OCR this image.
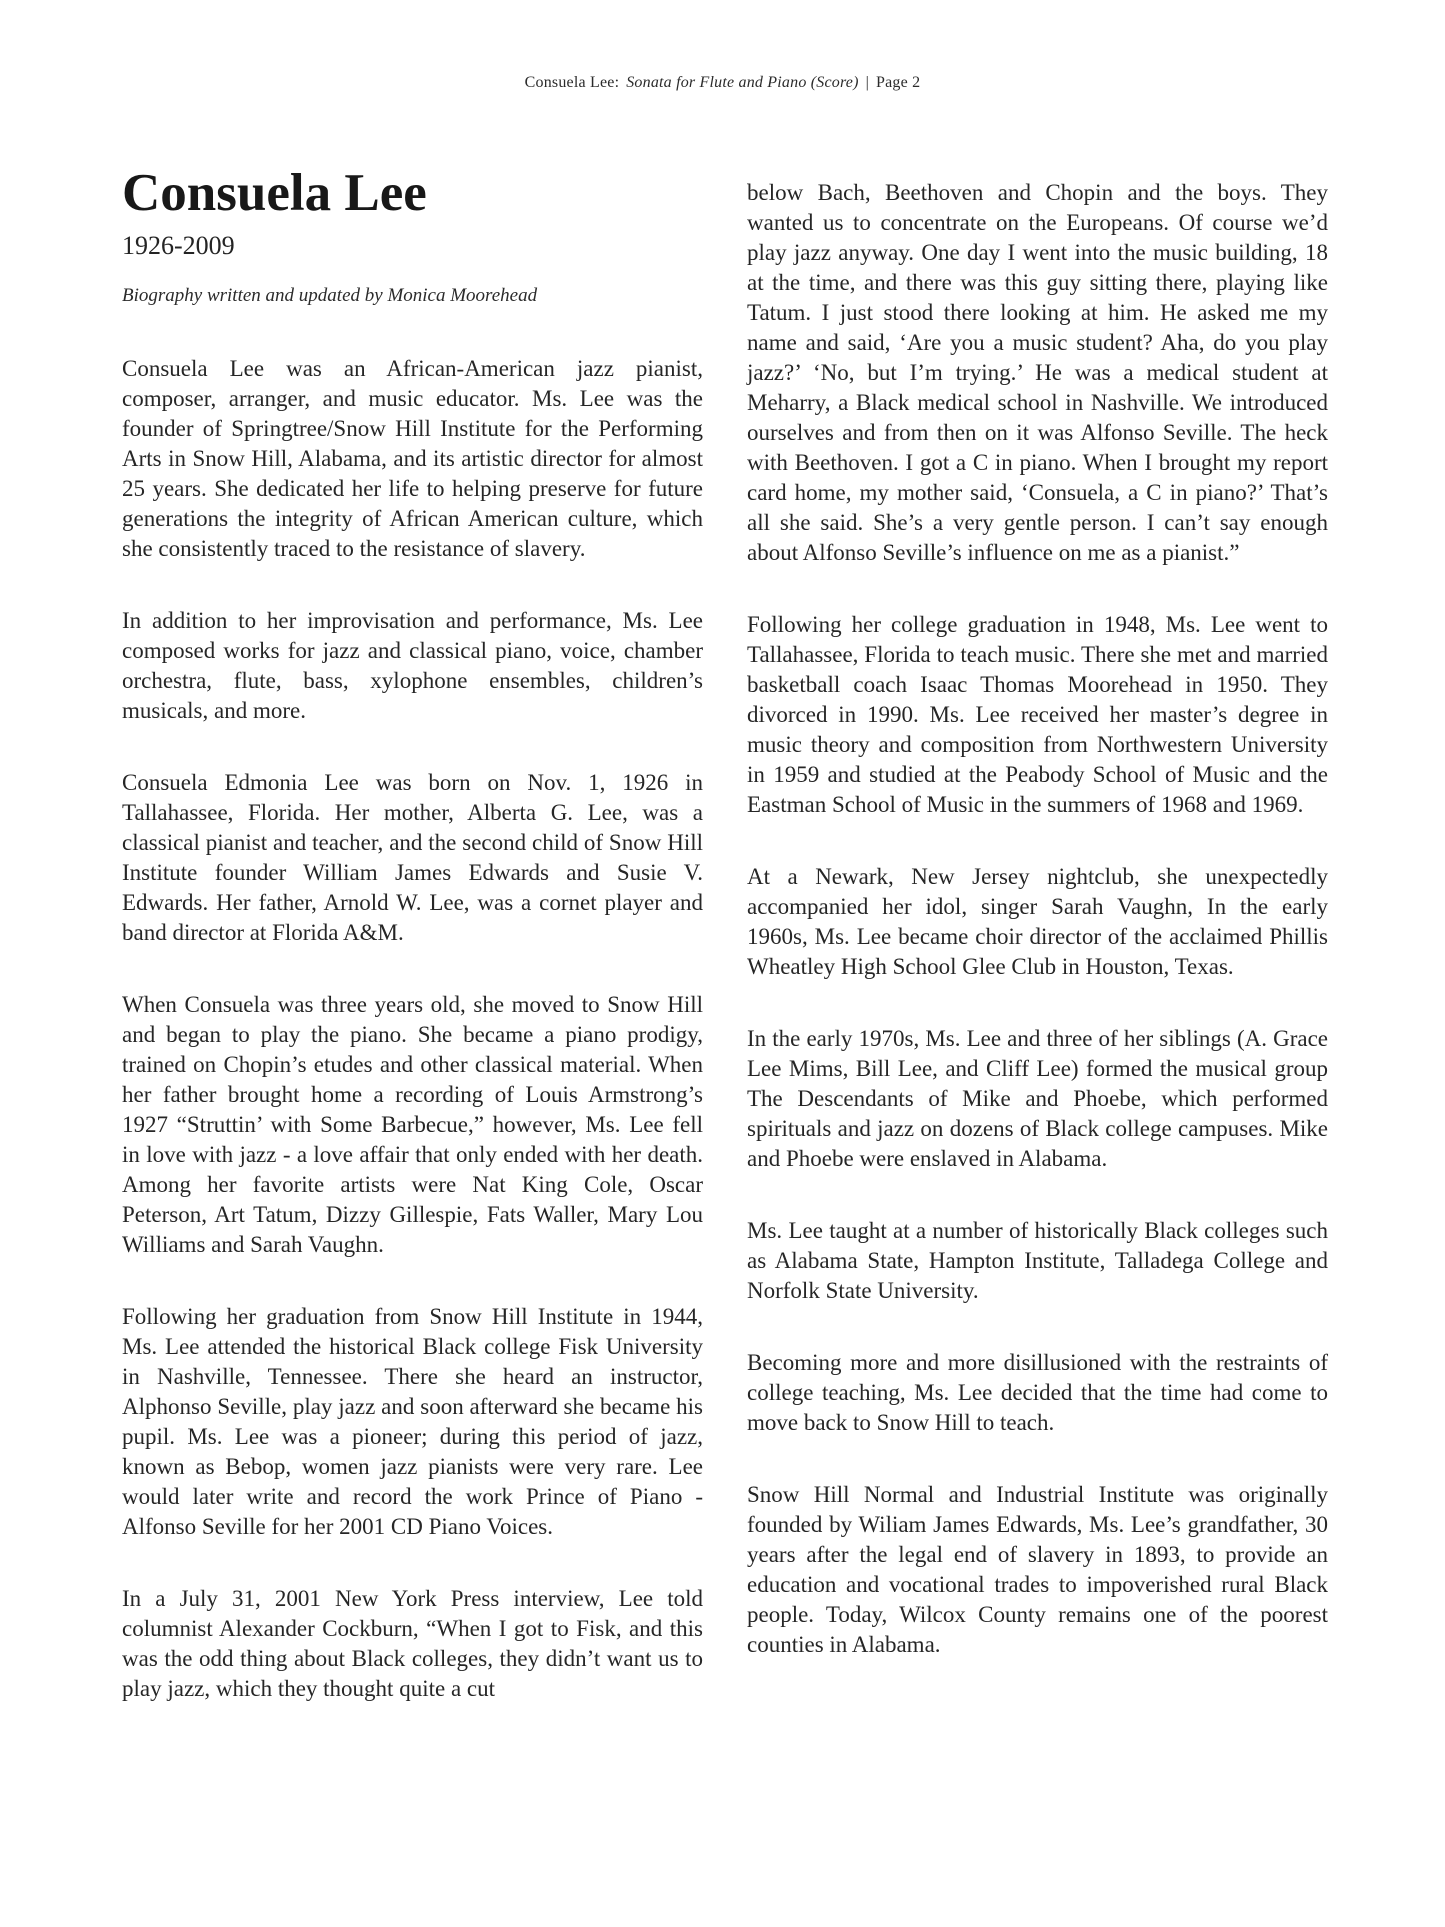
Consuela Lee: Sonata for Flute and Piano (Score) | Page 2
Consuela Lee
1926-2009
Biography written and updated by Monica Moorehead

Consuela Lee was an African-American jazz pianist, composer, arranger, and music educator. Ms. Lee was the founder of Springtree/Snow Hill Institute for the Performing Arts in Snow Hill, Alabama, and its artistic director for almost 25 years. She dedicated her life to helping preserve for future generations the integrity of African American culture, which she consistently traced to the resistance of slavery.

In addition to her improvisation and performance, Ms. Lee composed works for jazz and classical piano, voice, chamber orchestra, flute, bass, xylophone ensembles, children’s musicals, and more.

Consuela Edmonia Lee was born on Nov. 1, 1926 in Tallahassee, Florida. Her mother, Alberta G. Lee, was a classical pianist and teacher, and the second child of Snow Hill Institute founder William James Edwards and Susie V. Edwards. Her father, Arnold W. Lee, was a cornet player and band director at Florida A&M.

When Consuela was three years old, she moved to Snow Hill and began to play the piano. She became a piano prodigy, trained on Chopin’s etudes and other classical material. When her father brought home a recording of Louis Armstrong’s 1927 “Struttin’ with Some Barbecue,” however, Ms. Lee fell in love with jazz - a love affair that only ended with her death. Among her favorite artists were Nat King Cole, Oscar Peterson, Art Tatum, Dizzy Gillespie, Fats Waller, Mary Lou Williams and Sarah Vaughn.

Following her graduation from Snow Hill Institute in 1944, Ms. Lee attended the historical Black college Fisk University in Nashville, Tennessee. There she heard an instructor, Alphonso Seville, play jazz and soon afterward she became his pupil. Ms. Lee was a pioneer; during this period of jazz, known as Bebop, women jazz pianists were very rare. Lee would later write and record the work Prince of Piano - Alfonso Seville for her 2001 CD Piano Voices.

In a July 31, 2001 New York Press interview, Lee told columnist Alexander Cockburn, “When I got to Fisk, and this was the odd thing about Black colleges, they didn’t want us to play jazz, which they thought quite a cut

below Bach, Beethoven and Chopin and the boys. They wanted us to concentrate on the Europeans. Of course we’d play jazz anyway. One day I went into the music building, 18 at the time, and there was this guy sitting there, playing like Tatum. I just stood there looking at him. He asked me my name and said, ‘Are you a music student? Aha, do you play jazz?’ ‘No, but I’m trying.’ He was a medical student at Meharry, a Black medical school in Nashville. We introduced ourselves and from then on it was Alfonso Seville. The heck with Beethoven. I got a C in piano. When I brought my report card home, my mother said, ‘Consuela, a C in piano?’ That’s all she said. She’s a very gentle person. I can’t say enough about Alfonso Seville’s influence on me as a pianist.”

Following her college graduation in 1948, Ms. Lee went to Tallahassee, Florida to teach music. There she met and married basketball coach Isaac Thomas Moorehead in 1950. They divorced in 1990. Ms. Lee received her master’s degree in music theory and composition from Northwestern University in 1959 and studied at the Peabody School of Music and the Eastman School of Music in the summers of 1968 and 1969.

At a Newark, New Jersey nightclub, she unexpectedly accompanied her idol, singer Sarah Vaughn, In the early 1960s, Ms. Lee became choir director of the acclaimed Phillis Wheatley High School Glee Club in Houston, Texas.

In the early 1970s, Ms. Lee and three of her siblings (A. Grace Lee Mims, Bill Lee, and Cliff Lee) formed the musical group The Descendants of Mike and Phoebe, which performed spirituals and jazz on dozens of Black college campuses. Mike and Phoebe were enslaved in Alabama.

Ms. Lee taught at a number of historically Black colleges such as Alabama State, Hampton Institute, Talladega College and Norfolk State University.

Becoming more and more disillusioned with the restraints of college teaching, Ms. Lee decided that the time had come to move back to Snow Hill to teach.

Snow Hill Normal and Industrial Institute was originally founded by Wiliam James Edwards, Ms. Lee’s grandfather, 30 years after the legal end of slavery in 1893, to provide an education and vocational trades to impoverished rural Black people. Today, Wilcox County remains one of the poorest counties in Alabama.
